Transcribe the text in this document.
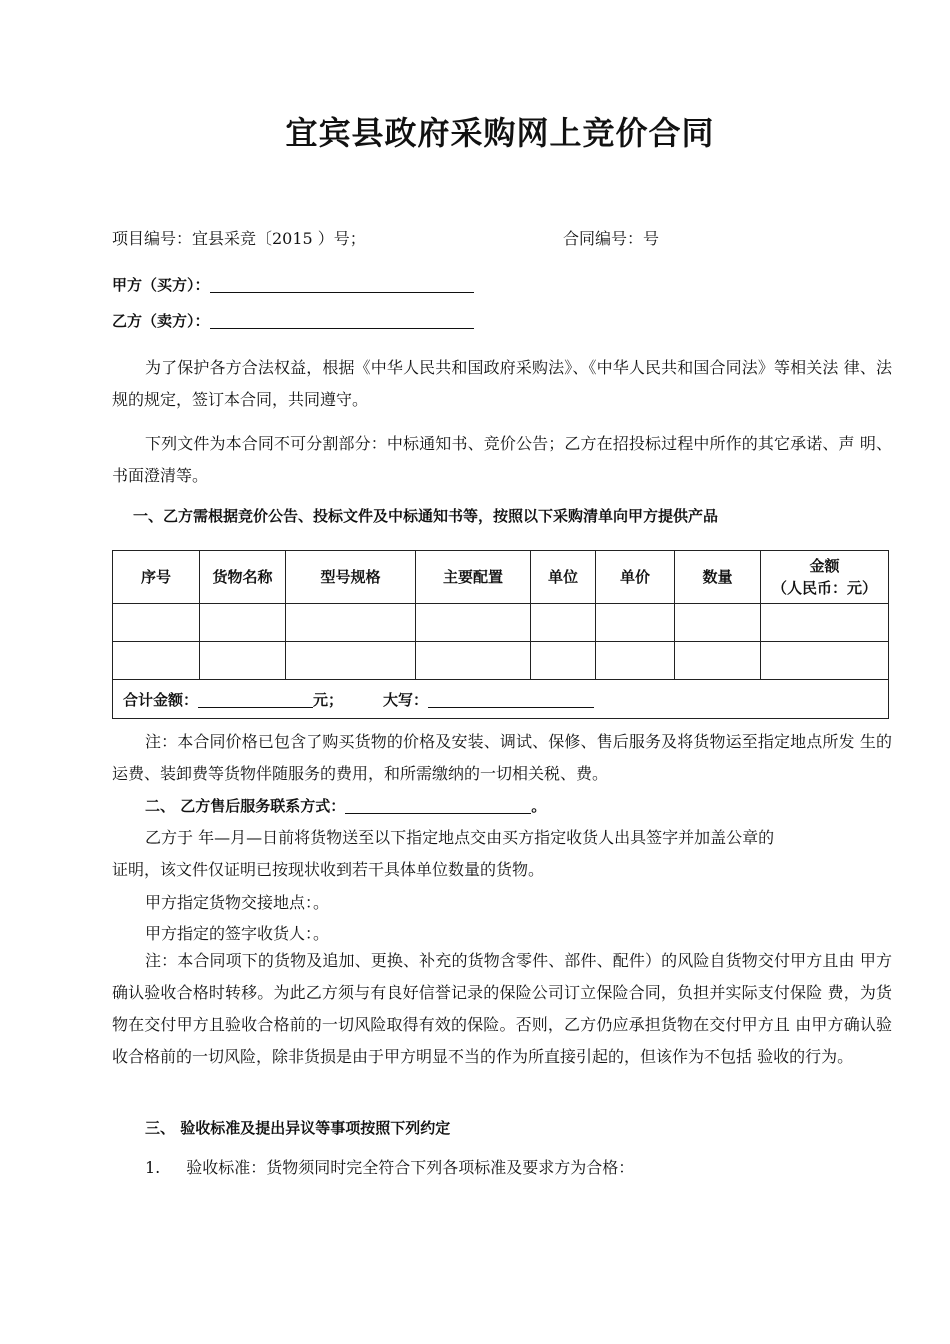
宜宾县政府采购网上竞价合同
项目编号：宜县采竞〔2015 ）号；	合同编号：号
甲方（买方）：
乙方（卖方）：
为了保护各方合法权益，根据《中华人民共和国政府采购法》、《中华人民共和国合同法》等相关法 律、法规的规定，签订本合同，共同遵守。
下列文件为本合同不可分割部分：中标通知书、竞价公告；乙方在招投标过程中所作的其它承诺、声 明、书面澄清等。
一、乙方需根据竞价公告、投标文件及中标通知书等，按照以下采购清单向甲方提供产品
序号	货物名称	型号规格	主要配置	单位	单价	数量	金额
（人民币：元）

合计金额： 元； 大写：							
注：本合同价格已包含了购买货物的价格及安装、调试、保修、售后服务及将货物运至指定地点所发 生的运费、装卸费等货物伴随服务的费用，和所需缴纳的一切相关税、费。
二、 乙方售后服务联系方式：	。
乙方于 年—月—日前将货物送至以下指定地点交由买方指定收货人出具签字并加盖公章的
证明，该文件仅证明已按现状收到若干具体单位数量的货物。
甲方指定货物交接地点：。
甲方指定的签字收货人：。
注：本合同项下的货物及追加、更换、补充的货物含零件、部件、配件）的风险自货物交付甲方且由 甲方确认验收合格时转移。为此乙方须与有良好信誉记录的保险公司订立保险合同，负担并实际支付保险 费，为货物在交付甲方且验收合格前的一切风险取得有效的保险。否则，乙方仍应承担货物在交付甲方且 由甲方确认验收合格前的一切风险，除非货损是由于甲方明显不当的作为所直接引起的，但该作为不包括 验收的行为。
三、 验收标准及提出异议等事项按照下列约定
1. 验收标准：货物须同时完全符合下列各项标准及要求方为合格：
